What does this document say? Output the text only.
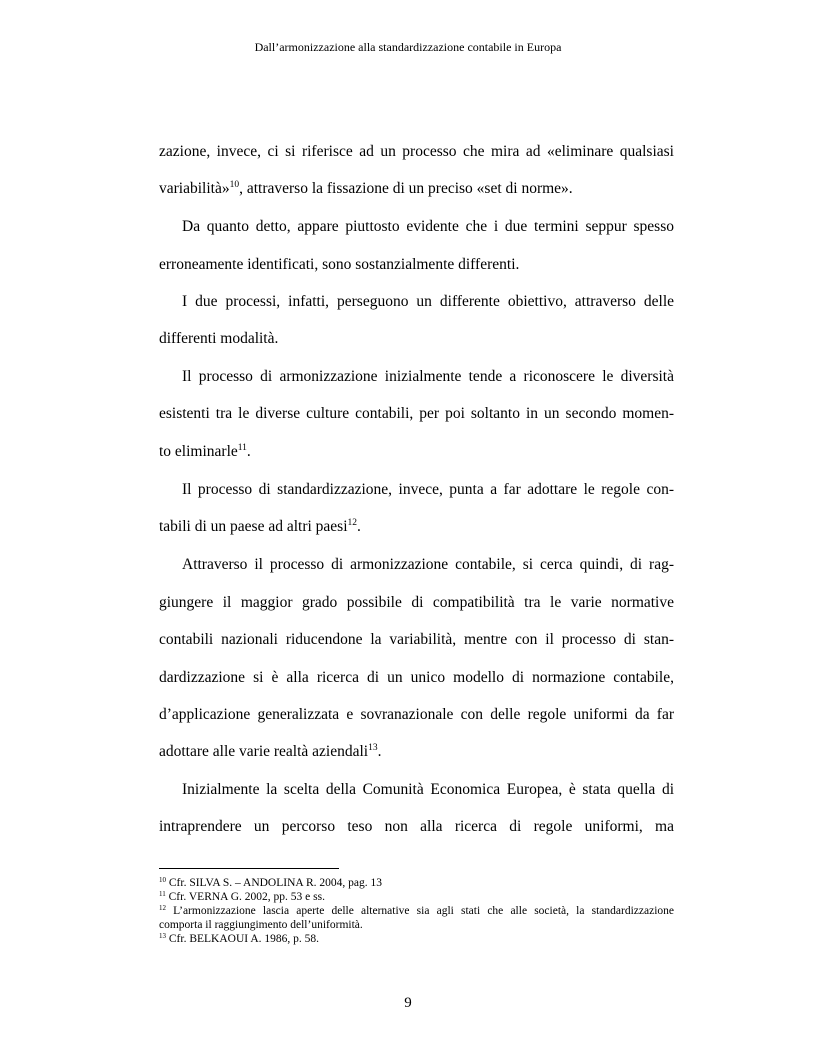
Dall’armonizzazione alla standardizzazione contabile in Europa
zazione, invece, ci si riferisce ad un processo che mira ad «eliminare qualsiasi
variabilità»$^{10}$, attraverso la fissazione di un preciso «set di norme».
Da quanto detto, appare piuttosto evidente che i due termini seppur spesso
erroneamente identificati, sono sostanzialmente differenti.
I due processi, infatti, perseguono un differente obiettivo, attraverso delle
differenti modalità.
Il processo di armonizzazione inizialmente tende a riconoscere le diversità
esistenti tra le diverse culture contabili, per poi soltanto in un secondo momen-
to eliminarle$^{11}$.
Il processo di standardizzazione, invece, punta a far adottare le regole con-
tabili di un paese ad altri paesi$^{12}$.
Attraverso il processo di armonizzazione contabile, si cerca quindi, di rag-
giungere il maggior grado possibile di compatibilità tra le varie normative
contabili nazionali riducendone la variabilità, mentre con il processo di stan-
dardizzazione si è alla ricerca di un unico modello di normazione contabile,
d’applicazione generalizzata e sovranazionale con delle regole uniformi da far
adottare alle varie realtà aziendali$^{13}$.
Inizialmente la scelta della Comunità Economica Europea, è stata quella di
intraprendere un percorso teso non alla ricerca di regole uniformi, ma
$^{10}$ Cfr. SILVA S. – ANDOLINA R. 2004, pag. 13
$^{11}$ Cfr. VERNA G. 2002, pp. 53 e ss.
$^{12}$ L’armonizzazione lascia aperte delle alternative sia agli stati che alle società, la standardizzazione
comporta il raggiungimento dell’uniformità.
$^{13}$ Cfr. BELKAOUI A. 1986, p. 58.
9
